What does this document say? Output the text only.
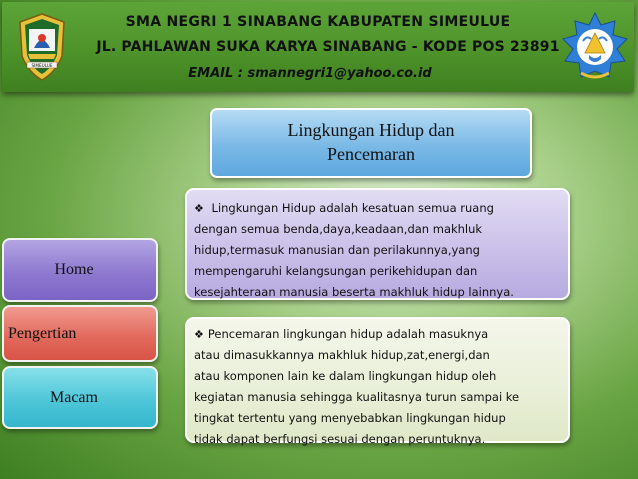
SIMEULUE
SMA NEGRI 1 SINABANG KABUPATEN SIMEULUE
JL. PAHLAWAN SUKA KARYA SINABANG - KODE POS 23891
EMAIL : smannegri1@yahoo.co.id
Lingkungan Hidup dan
Pencemaran
Home
Pengertian
Macam
❖ Lingkungan Hidup adalah kesatuan semua ruang
dengan semua benda,daya,keadaan,dan makhluk
hidup,termasuk manusian dan perilakunnya,yang
mempengaruhi kelangsungan perikehidupan dan
kesejahteraan manusia beserta makhluk hidup lainnya.
❖ Pencemaran lingkungan hidup adalah masuknya
atau dimasukkannya makhluk hidup,zat,energi,dan
atau komponen lain ke dalam lingkungan hidup oleh
kegiatan manusia sehingga kualitasnya turun sampai ke
tingkat tertentu yang menyebabkan lingkungan hidup
tidak dapat berfungsi sesuai dengan peruntuknya.
